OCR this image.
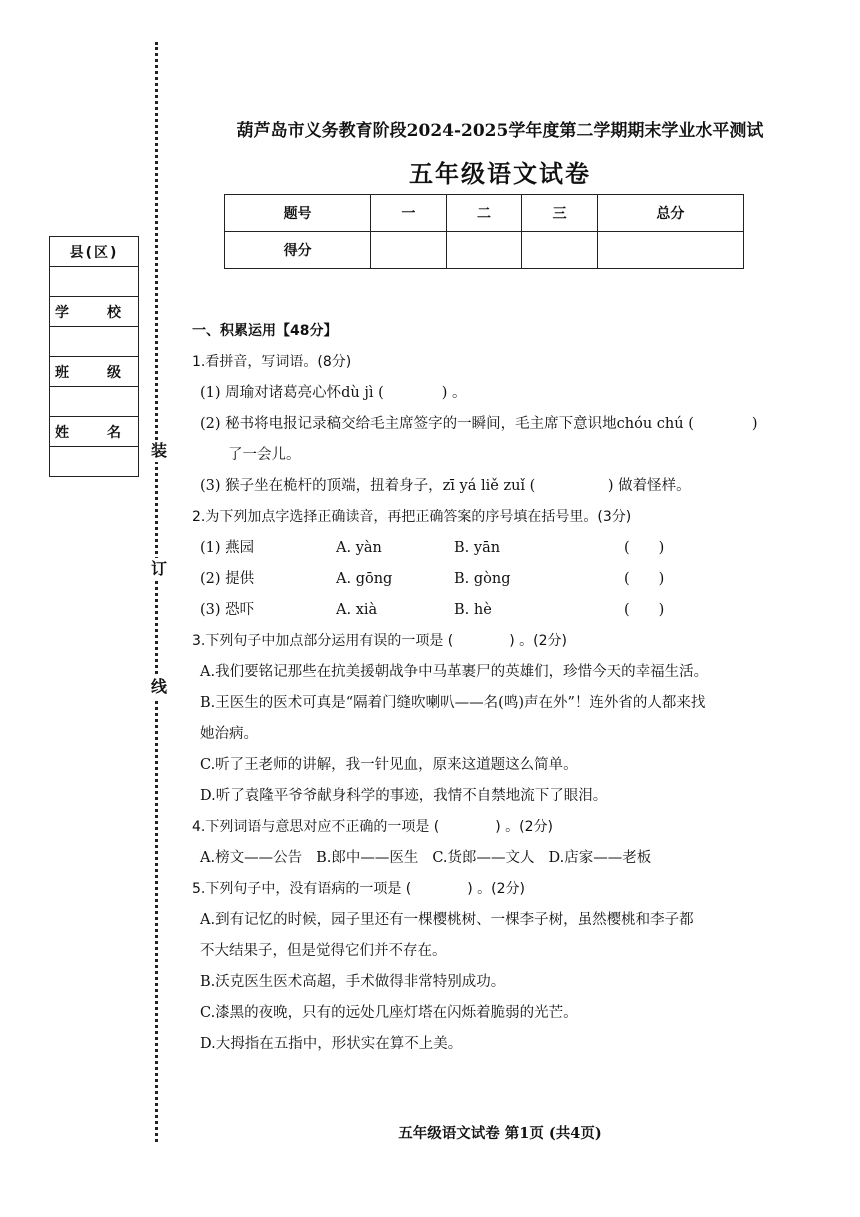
装
订
线
县(区)

学　校

班　级

姓　名

葫芦岛市义务教育阶段2024-2025学年度第二学期期末学业水平测试
五年级语文试卷
题号	一	二	三	总分
得分				
一、积累运用【48分】
1.看拼音，写词语。(8分)
(1) 周瑜对诸葛亮心怀dù jì (　　　　) 。
(2) 秘书将电报记录稿交给毛主席签字的一瞬间，毛主席下意识地chóu chú (　　　　)
了一会儿。
(3) 猴子坐在桅杆的顶端，扭着身子，zī yá liě zuǐ (　　　　　) 做着怪样。
2.为下列加点字选择正确读音，再把正确答案的序号填在括号里。(3分)
(1) 燕园	A. yàn	B. yān	(　　)
(2) 提供	A. gōng	B. gòng	(　　)
(3) 恐吓	A. xià	B. hè	(　　)
3.下列句子中加点部分运用有误的一项是 (　　　　) 。(2分)
A.我们要铭记那些在抗美援朝战争中马革裹尸的英雄们，珍惜今天的幸福生活。
B.王医生的医术可真是“隔着门缝吹喇叭——名(鸣)声在外”！连外省的人都来找
她治病。
C.听了王老师的讲解，我一针见血，原来这道题这么简单。
D.听了袁隆平爷爷献身科学的事迹，我情不自禁地流下了眼泪。
4.下列词语与意思对应不正确的一项是 (　　　　) 。(2分)
A.榜文——公告 B.郎中——医生 C.货郎——文人 D.店家——老板
5.下列句子中，没有语病的一项是 (　　　　) 。(2分)
A.到有记忆的时候，园子里还有一棵樱桃树、一棵李子树，虽然樱桃和李子都
不大结果子，但是觉得它们并不存在。
B.沃克医生医术高超，手术做得非常特别成功。
C.漆黑的夜晚，只有的远处几座灯塔在闪烁着脆弱的光芒。
D.大拇指在五指中，形状实在算不上美。
五年级语文试卷 第1页 (共4页)
